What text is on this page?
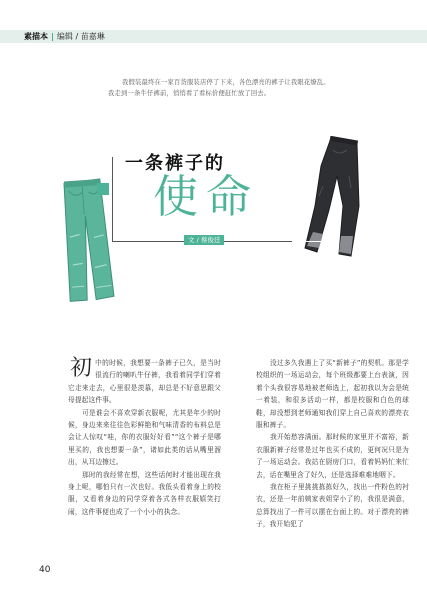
素描本 | 编辑 / 苗嘉琳

我假装最终在一家百货服装店停了下来，各色漂亮的裤子让我眼花缭乱。我走到一条牛仔裤前，悄悄看了看标价便赶忙放了回去。

一条裤子的
使命
文 / 蔡俊廷

初中的时候，我想要一条裤子已久，是当时很流行的喇叭牛仔裤，我看着同学们穿着它走来走去，心里很是羡慕，却总是不好意思跟父母提起这件事。

可是谁会不喜欢穿新衣服呢，尤其是年少的时候，身边来来往往色彩鲜艳和气味清香的布料总是会让人惊叹“哇，你的衣服好好看”“这个裤子是哪里买的，我也想要一条”，诸如此类的话从嘴里溜出，从耳边擦过。

那时的我经常在想，这些话何时才能出现在我身上呢，哪怕只有一次也好。我低头看着身上的校服，又看着身边的同学穿着各式各样衣服嬉笑打闹，这件事便也成了一个小小的执念。

没过多久我遇上了买“新裤子”的契机。那是学校组织的一场运动会，每个班级都要上台表演，因着个头我很容易地被老师选上，起初我以为会是统一着装，和很多活动一样，都是校服和白色的球鞋，却没想到老师通知我们穿上自己喜欢的漂亮衣服和裤子。

我开始愁容满面。那时候的家里并不富裕，新衣服新裤子经常是过年也买不成的，更何况只是为了一场运动会。我站在厨房门口，看着妈妈忙来忙去，话在嘴里含了好久，还是选择难难地咽下。

我在柜子里挑挑拣拣好久，找出一件粉色的衬衣，还是一年前姨家表姐穿小了的，我很是满意，总算找出了一件可以摆在台面上的。对于漂亮的裤子，我开始犯了

40
